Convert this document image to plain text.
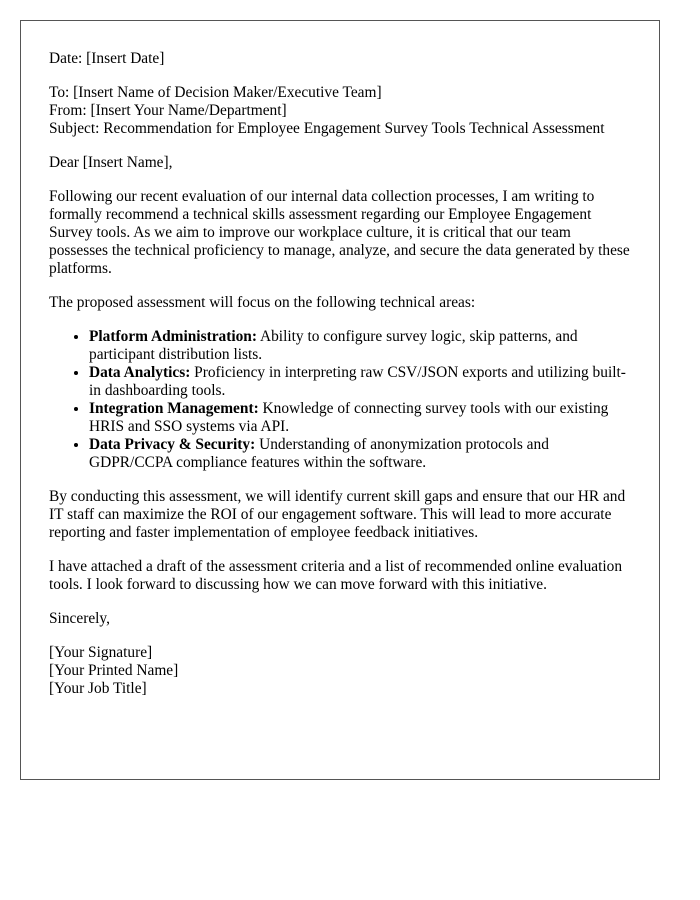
Date: [Insert Date]

To: [Insert Name of Decision Maker/Executive Team]

From: [Insert Your Name/Department]

Subject: Recommendation for Employee Engagement Survey Tools Technical Assessment

Dear [Insert Name],

Following our recent evaluation of our internal data collection processes, I am writing to formally recommend a technical skills assessment regarding our Employee Engagement Survey tools. As we aim to improve our workplace culture, it is critical that our team possesses the technical proficiency to manage, analyze, and secure the data generated by these platforms.

The proposed assessment will focus on the following technical areas:

• Platform Administration: Ability to configure survey logic, skip patterns, and participant distribution lists.
• Data Analytics: Proficiency in interpreting raw CSV/JSON exports and utilizing built-in dashboarding tools.
• Integration Management: Knowledge of connecting survey tools with our existing HRIS and SSO systems via API.
• Data Privacy & Security: Understanding of anonymization protocols and GDPR/CCPA compliance features within the software.

By conducting this assessment, we will identify current skill gaps and ensure that our HR and IT staff can maximize the ROI of our engagement software. This will lead to more accurate reporting and faster implementation of employee feedback initiatives.

I have attached a draft of the assessment criteria and a list of recommended online evaluation tools. I look forward to discussing how we can move forward with this initiative.

Sincerely,

[Your Signature]

[Your Printed Name]

[Your Job Title]
